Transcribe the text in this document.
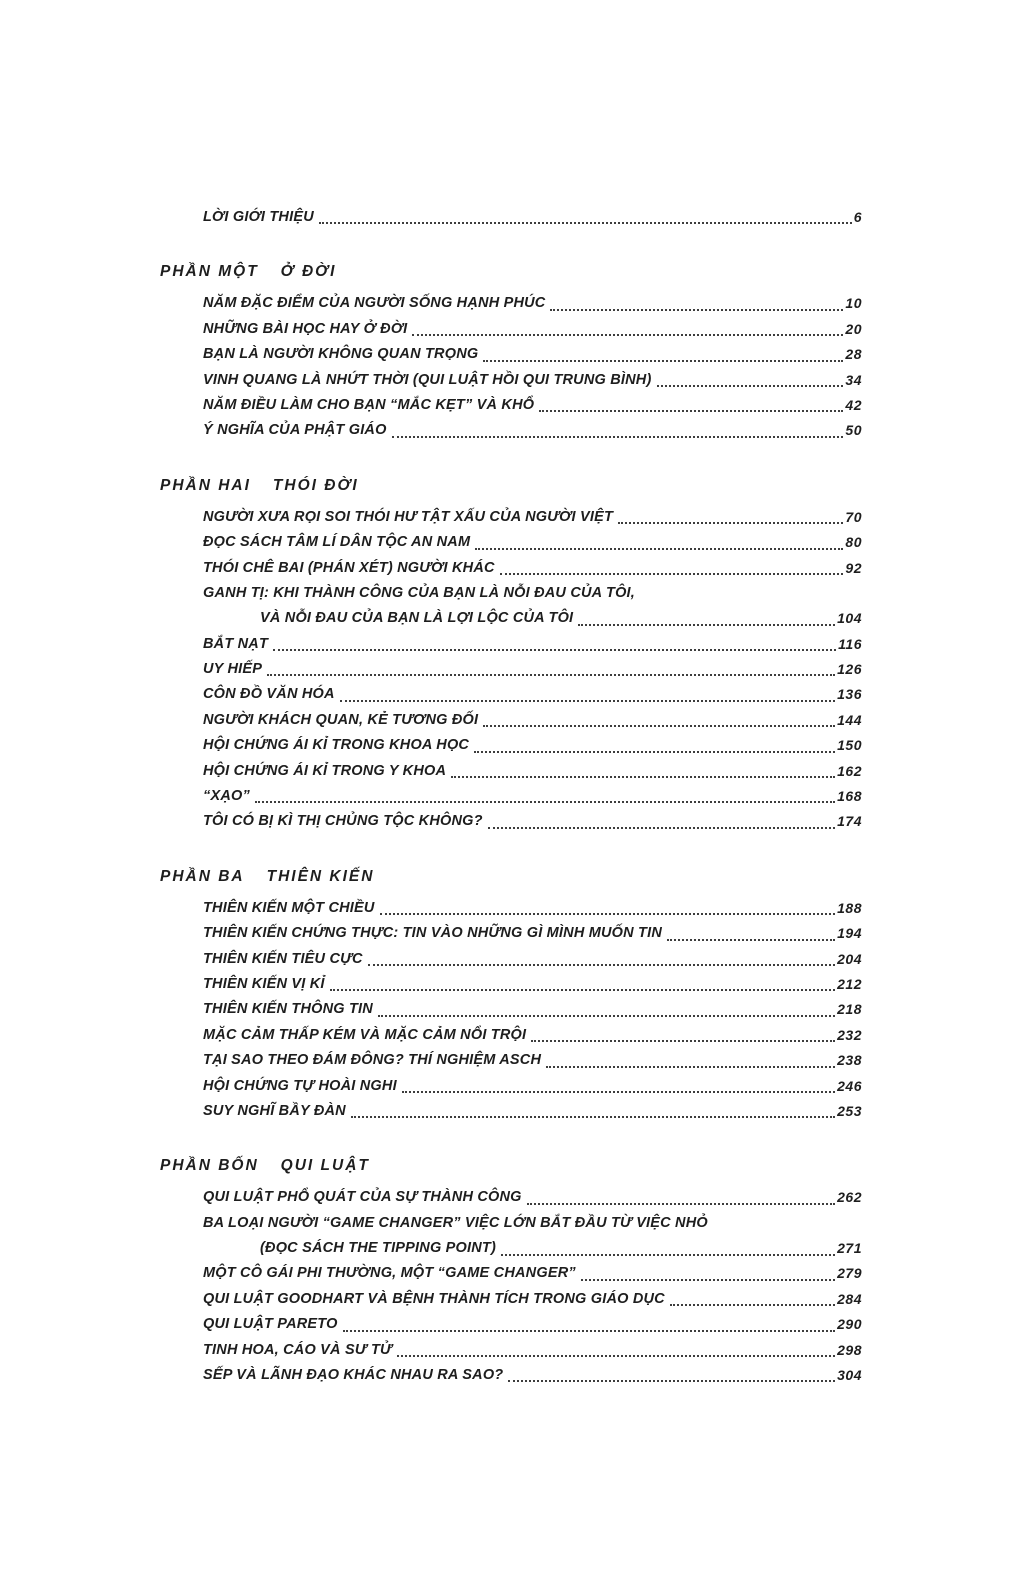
LỜI GIỚI THIỆU	6
PHẦN MỘT Ở ĐỜI
NĂM ĐẶC ĐIỂM CỦA NGƯỜI SỐNG HẠNH PHÚC	10
NHỮNG BÀI HỌC HAY Ở ĐỜI	20
BẠN LÀ NGƯỜI KHÔNG QUAN TRỌNG	28
VINH QUANG LÀ NHỨT THỜI (QUI LUẬT HỒI QUI TRUNG BÌNH)	34
NĂM ĐIỀU LÀM CHO BẠN “MẮC KẸT” VÀ KHỔ	42
Ý NGHĨA CỦA PHẬT GIÁO	50
PHẦN HAI THÓI ĐỜI
NGƯỜI XƯA RỌI SOI THÓI HƯ TẬT XẤU CỦA NGƯỜI VIỆT	70
ĐỌC SÁCH TÂM LÍ DÂN TỘC AN NAM	80
THÓI CHÊ BAI (PHÁN XÉT) NGƯỜI KHÁC	92
GANH TỊ: KHI THÀNH CÔNG CỦA BẠN LÀ NỖI ĐAU CỦA TÔI,
VÀ NỖI ĐAU CỦA BẠN LÀ LỢI LỘC CỦA TÔI	104
BẮT NẠT	116
UY HIẾP	126
CÔN ĐỒ VĂN HÓA	136
NGƯỜI KHÁCH QUAN, KẺ TƯƠNG ĐỐI	144
HỘI CHỨNG ÁI KỈ TRONG KHOA HỌC	150
HỘI CHỨNG ÁI KỈ TRONG Y KHOA	162
“XẠO”	168
TÔI CÓ BỊ KÌ THỊ CHỦNG TỘC KHÔNG?	174
PHẦN BA THIÊN KIẾN
THIÊN KIẾN MỘT CHIỀU	188
THIÊN KIẾN CHỨNG THỰC: TIN VÀO NHỮNG GÌ MÌNH MUỐN TIN	194
THIÊN KIẾN TIÊU CỰC	204
THIÊN KIẾN VỊ KỈ	212
THIÊN KIẾN THÔNG TIN	218
MẶC CẢM THẤP KÉM VÀ MẶC CẢM NỔI TRỘI	232
TẠI SAO THEO ĐÁM ĐÔNG? THÍ NGHIỆM ASCH	238
HỘI CHỨNG TỰ HOÀI NGHI	246
SUY NGHĨ BẦY ĐÀN	253
PHẦN BỐN QUI LUẬT
QUI LUẬT PHỔ QUÁT CỦA SỰ THÀNH CÔNG	262
BA LOẠI NGƯỜI “GAME CHANGER” VIỆC LỚN BẮT ĐẦU TỪ VIỆC NHỎ
(ĐỌC SÁCH THE TIPPING POINT)	271
MỘT CÔ GÁI PHI THƯỜNG, MỘT “GAME CHANGER”	279
QUI LUẬT GOODHART VÀ BỆNH THÀNH TÍCH TRONG GIÁO DỤC	284
QUI LUẬT PARETO	290
TINH HOA, CÁO VÀ SƯ TỬ	298
SẾP VÀ LÃNH ĐẠO KHÁC NHAU RA SAO?	304
